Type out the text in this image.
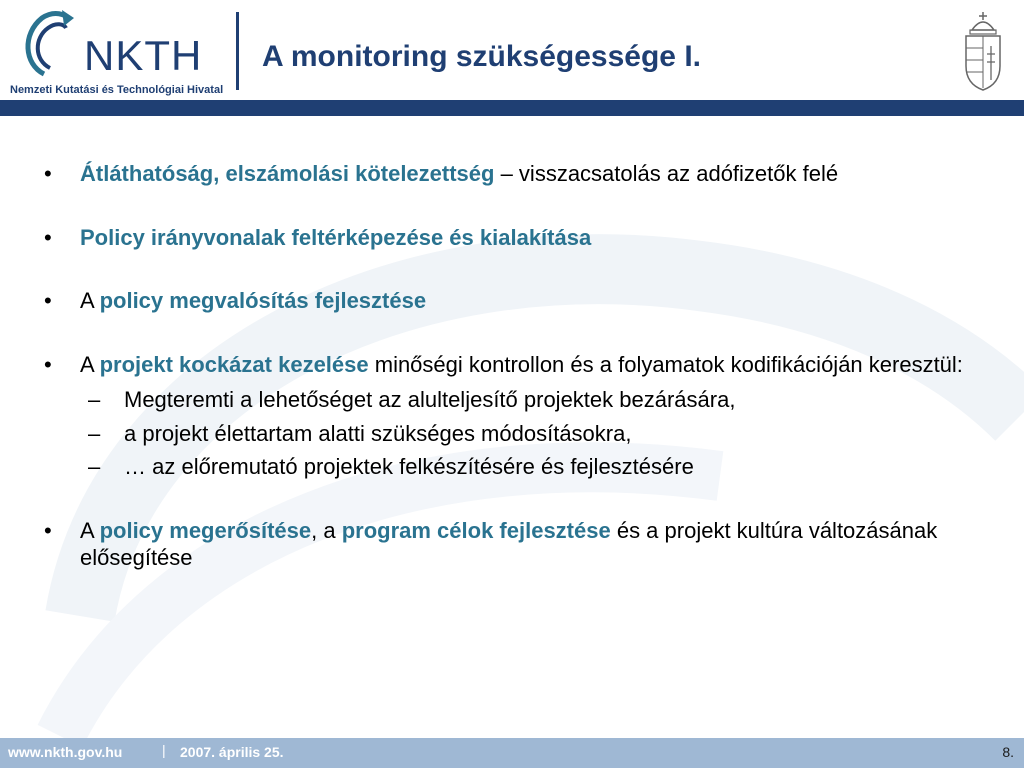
NKTH
Nemzeti Kutatási és Technológiai Hivatal
A monitoring szükségessége I.
• Átláthatóság, elszámolási kötelezettség – visszacsatolás az adófizetők felé
• Policy irányvonalak feltérképezése és kialakítása
• A policy megvalósítás fejlesztése
• A projekt kockázat kezelése minőségi kontrollon és a folyamatok kodifikációján keresztül:
– Megteremti a lehetőséget az alulteljesítő projektek bezárására,
– a projekt élettartam alatti szükséges módosításokra,
– … az előremutató projektek felkészítésére és fejlesztésére
• A policy megerősítése, a program célok fejlesztése és a projekt kultúra változásának elősegítése
www.nkth.gov.hu	| 2007. április 25.	8.
